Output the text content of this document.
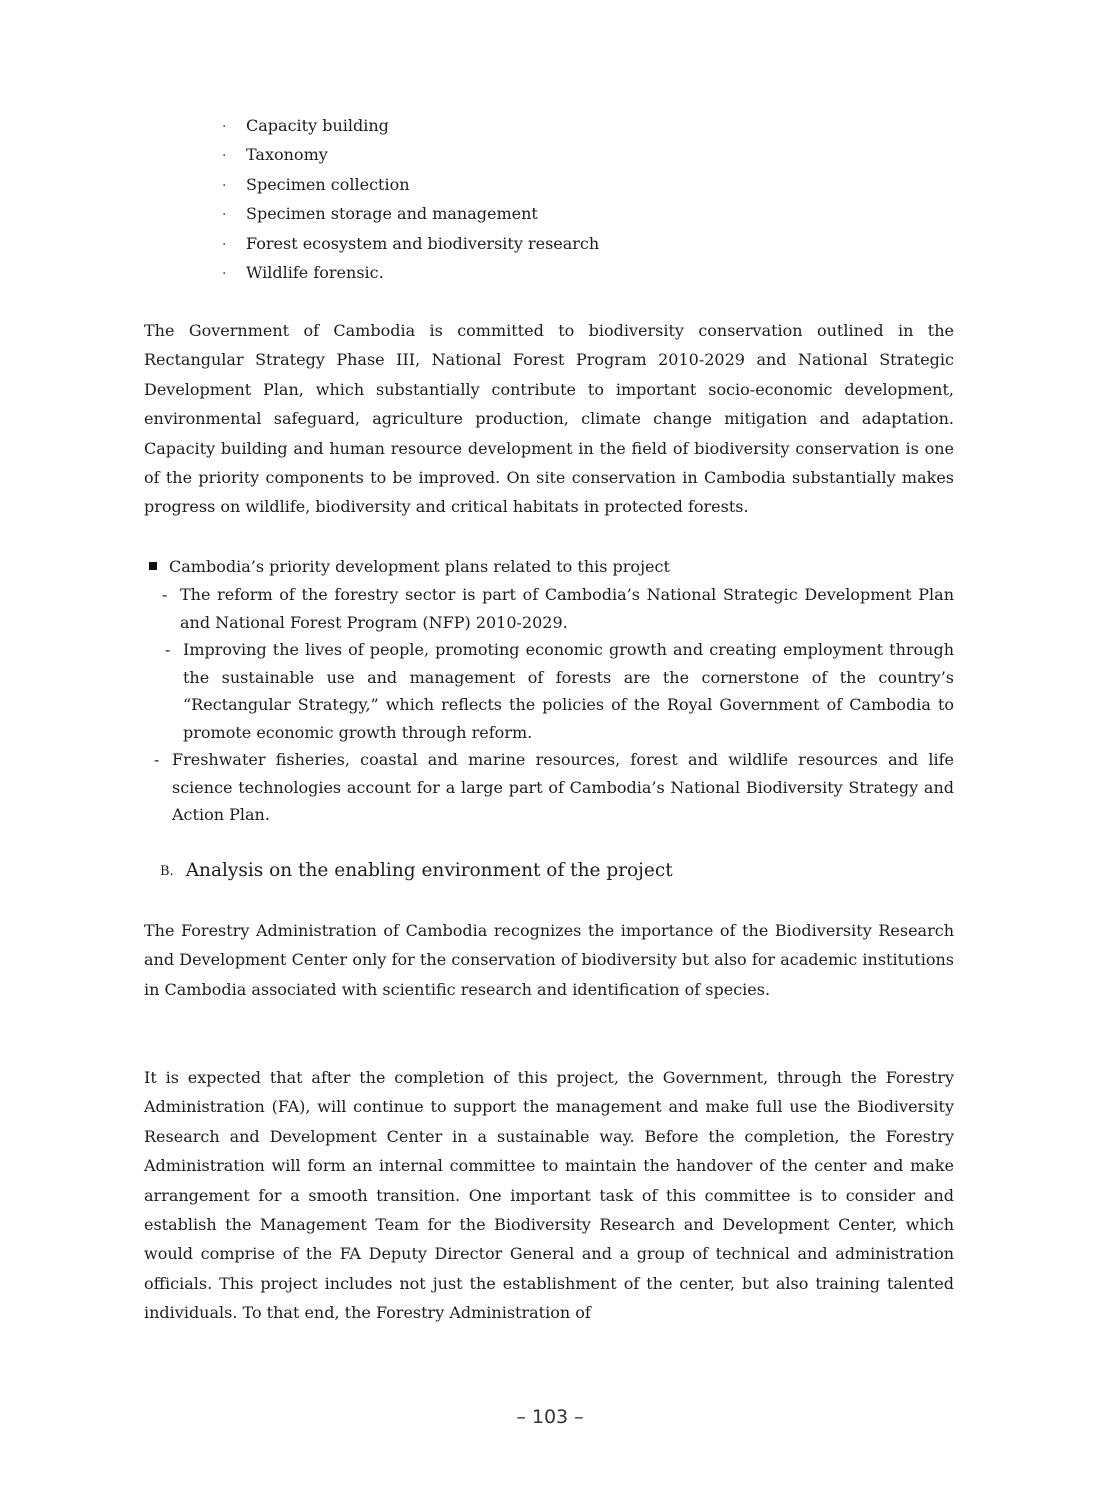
· Capacity building
· Taxonomy
· Specimen collection
· Specimen storage and management
· Forest ecosystem and biodiversity research
· Wildlife forensic.

The Government of Cambodia is committed to biodiversity conservation outlined in the Rectangular Strategy Phase III, National Forest Program 2010-2029 and National Strategic Development Plan, which substantially contribute to important socio-economic development, environmental safeguard, agriculture production, climate change mitigation and adaptation. Capacity building and human resource development in the field of biodiversity conservation is one of the priority components to be improved. On site conservation in Cambodia substantially makes progress on wildlife, biodiversity and critical habitats in protected forests.

Cambodia’s priority development plans related to this project

- The reform of the forestry sector is part of Cambodia’s National Strategic Development Plan and National Forest Program (NFP) 2010-2029.

- Improving the lives of people, promoting economic growth and creating employment through the sustainable use and management of forests are the cornerstone of the country’s “Rectangular Strategy,” which reflects the policies of the Royal Government of Cambodia to promote economic growth through reform.

- Freshwater fisheries, coastal and marine resources, forest and wildlife resources and life science technologies account for a large part of Cambodia’s National Biodiversity Strategy and Action Plan.

B. Analysis on the enabling environment of the project

The Forestry Administration of Cambodia recognizes the importance of the Biodiversity Research and Development Center only for the conservation of biodiversity but also for academic institutions in Cambodia associated with scientific research and identification of species.

It is expected that after the completion of this project, the Government, through the Forestry Administration (FA), will continue to support the management and make full use the Biodiversity Research and Development Center in a sustainable way. Before the completion, the Forestry Administration will form an internal committee to maintain the handover of the center and make arrangement for a smooth transition. One important task of this committee is to consider and establish the Management Team for the Biodiversity Research and Development Center, which would comprise of the FA Deputy Director General and a group of technical and administration officials. This project includes not just the establishment of the center, but also training talented individuals. To that end, the Forestry Administration of

– 103 –
